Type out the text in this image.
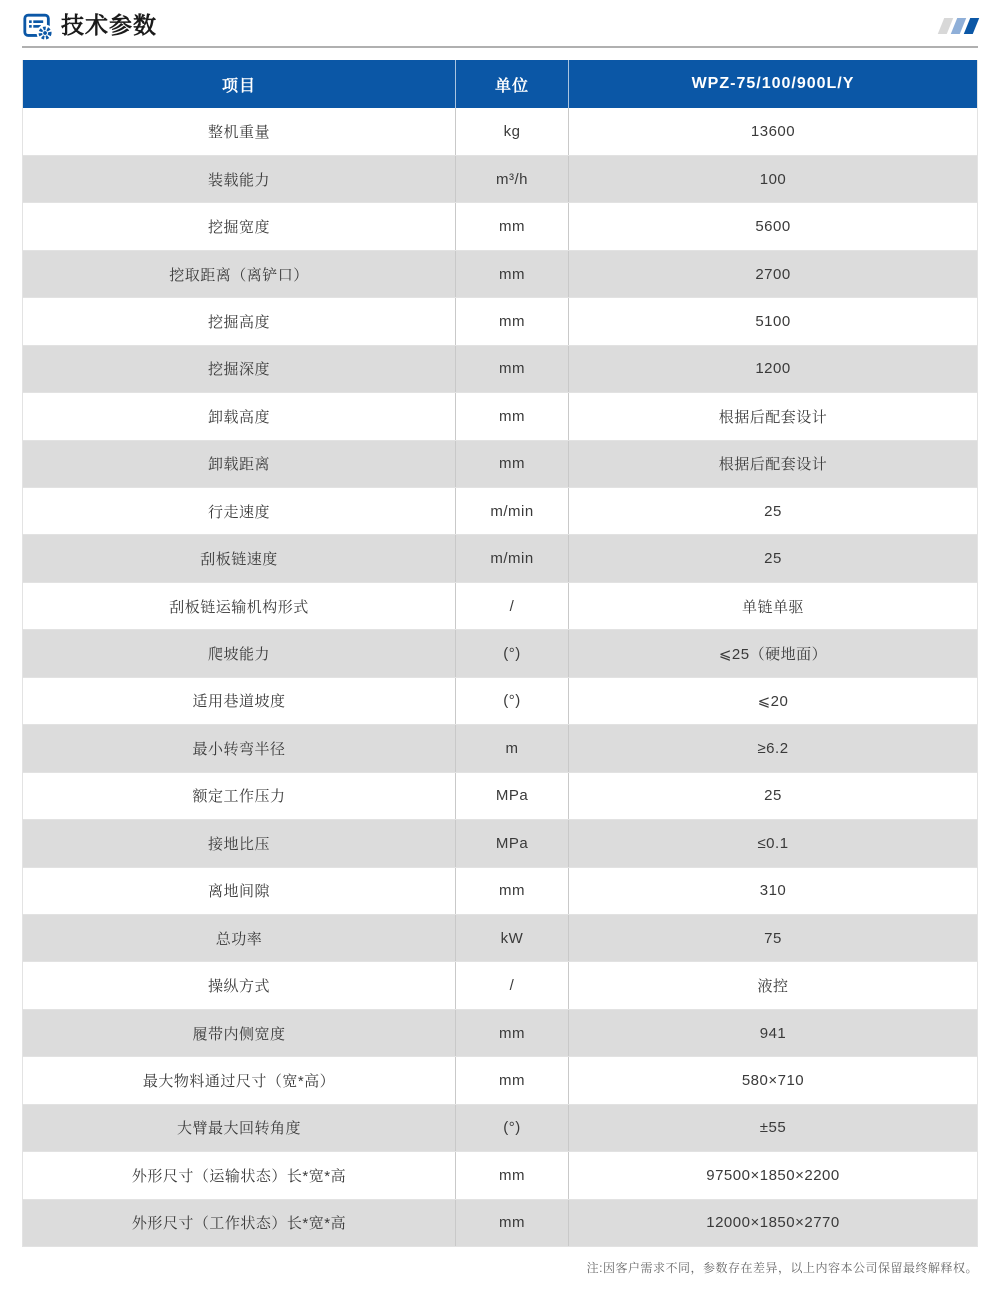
技术参数
项目	单位	WPZ-75/100/900L/Y
整机重量	kg	13600
装载能力	m³/h	100
挖掘宽度	mm	5600
挖取距离（离铲口）	mm	2700
挖掘高度	mm	5100
挖掘深度	mm	1200
卸载高度	mm	根据后配套设计
卸载距离	mm	根据后配套设计
行走速度	m/min	25
刮板链速度	m/min	25
刮板链运输机构形式	/	单链单驱
爬坡能力	(°)	⩽25（硬地面）
适用巷道坡度	(°)	⩽20
最小转弯半径	m	≥6.2
额定工作压力	MPa	25
接地比压	MPa	≤0.1
离地间隙	mm	310
总功率	kW	75
操纵方式	/	液控
履带内侧宽度	mm	941
最大物料通过尺寸（宽*高）	mm	580×710
大臂最大回转角度	(°)	±55
外形尺寸（运输状态）长*宽*高	mm	97500×1850×2200
外形尺寸（工作状态）长*宽*高	mm	12000×1850×2770
注:因客户需求不同，参数存在差异，以上内容本公司保留最终解释权。
